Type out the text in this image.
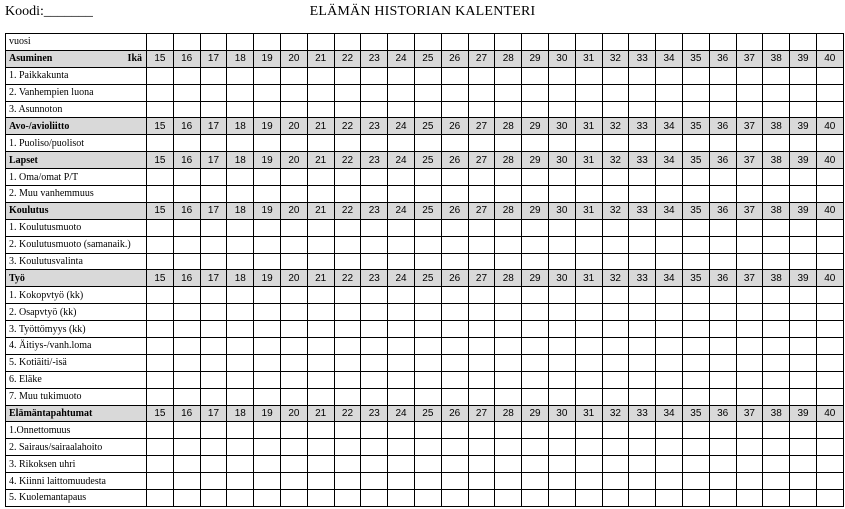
Koodi:_______	ELÄMÄN HISTORIAN KALENTERI
vuosi																										

Asuminen Ikä	15	16	17	18	19	20	21	22	23	24	25	26	27	28	29	30	31	32	33	34	35	36	37	38	39	40
1. Paikkakunta																										
2. Vanhempien luona																										
3. Asunnoton																										

Avo-/avioliitto	15	16	17	18	19	20	21	22	23	24	25	26	27	28	29	30	31	32	33	34	35	36	37	38	39	40
1. Puoliso/puolisot																										

Lapset	15	16	17	18	19	20	21	22	23	24	25	26	27	28	29	30	31	32	33	34	35	36	37	38	39	40
1. Oma/omat P/T																										
2. Muu vanhemmuus																										

Koulutus	15	16	17	18	19	20	21	22	23	24	25	26	27	28	29	30	31	32	33	34	35	36	37	38	39	40
1. Koulutusmuoto																										
2. Koulutusmuoto (samanaik.)																										
3. Koulutusvalinta																										

Työ	15	16	17	18	19	20	21	22	23	24	25	26	27	28	29	30	31	32	33	34	35	36	37	38	39	40
1. Kokopvtyö (kk)																										
2. Osapvtyö (kk)																										
3. Työttömyys (kk)																										
4. Äitiys-/vanh.loma																										
5. Kotiäiti/-isä																										
6. Eläke																										
7. Muu tukimuoto																										

Elämäntapahtumat	15	16	17	18	19	20	21	22	23	24	25	26	27	28	29	30	31	32	33	34	35	36	37	38	39	40
1.Onnettomuus																										
2. Sairaus/sairaalahoito																										
3. Rikoksen uhri																										
4. Kiinni laittomuudesta																										
5. Kuolemantapaus																										
